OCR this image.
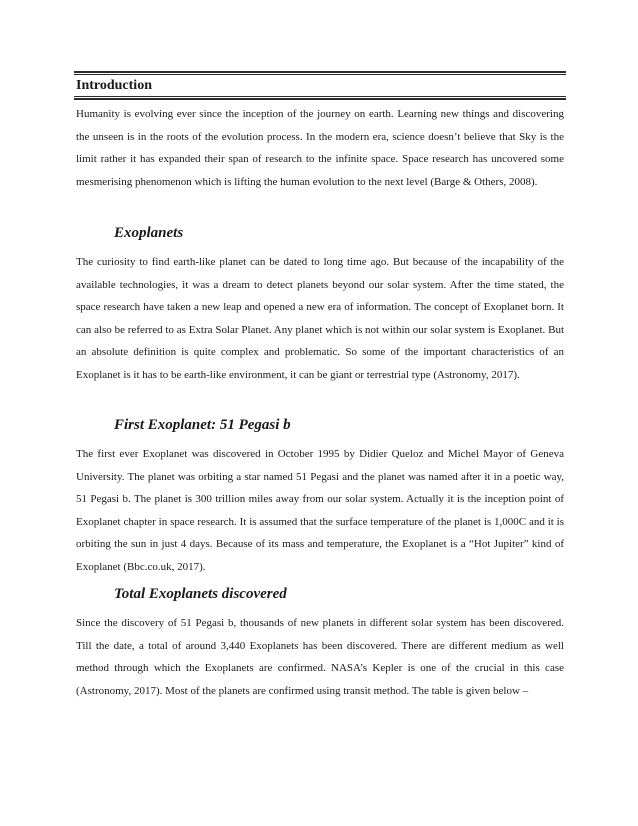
Introduction

Humanity is evolving ever since the inception of the journey on earth. Learning new things and discovering the unseen is in the roots of the evolution process. In the modern era, science doesn’t believe that Sky is the limit rather it has expanded their span of research to the infinite space. Space research has uncovered some mesmerising phenomenon which is lifting the human evolution to the next level (Barge & Others, 2008).

Exoplanets

The curiosity to find earth-like planet can be dated to long time ago. But because of the incapability of the available technologies, it was a dream to detect planets beyond our solar system. After the time stated, the space research have taken a new leap and opened a new era of information. The concept of Exoplanet born. It can also be referred to as Extra Solar Planet. Any planet which is not within our solar system is Exoplanet. But an absolute definition is quite complex and problematic. So some of the important characteristics of an Exoplanet is it has to be earth-like environment, it can be giant or terrestrial type (Astronomy, 2017).

First Exoplanet: 51 Pegasi b

The first ever Exoplanet was discovered in October 1995 by Didier Queloz and Michel Mayor of Geneva University. The planet was orbiting a star named 51 Pegasi and the planet was named after it in a poetic way, 51 Pegasi b. The planet is 300 trillion miles away from our solar system. Actually it is the inception point of Exoplanet chapter in space research. It is assumed that the surface temperature of the planet is 1,000C and it is orbiting the sun in just 4 days. Because of its mass and temperature, the Exoplanet is a “Hot Jupiter” kind of Exoplanet (Bbc.co.uk, 2017).

Total Exoplanets discovered

Since the discovery of 51 Pegasi b, thousands of new planets in different solar system has been discovered. Till the date, a total of around 3,440 Exoplanets has been discovered. There are different medium as well method through which the Exoplanets are confirmed. NASA’s Kepler is one of the crucial in this case (Astronomy, 2017). Most of the planets are confirmed using transit method. The table is given below –
